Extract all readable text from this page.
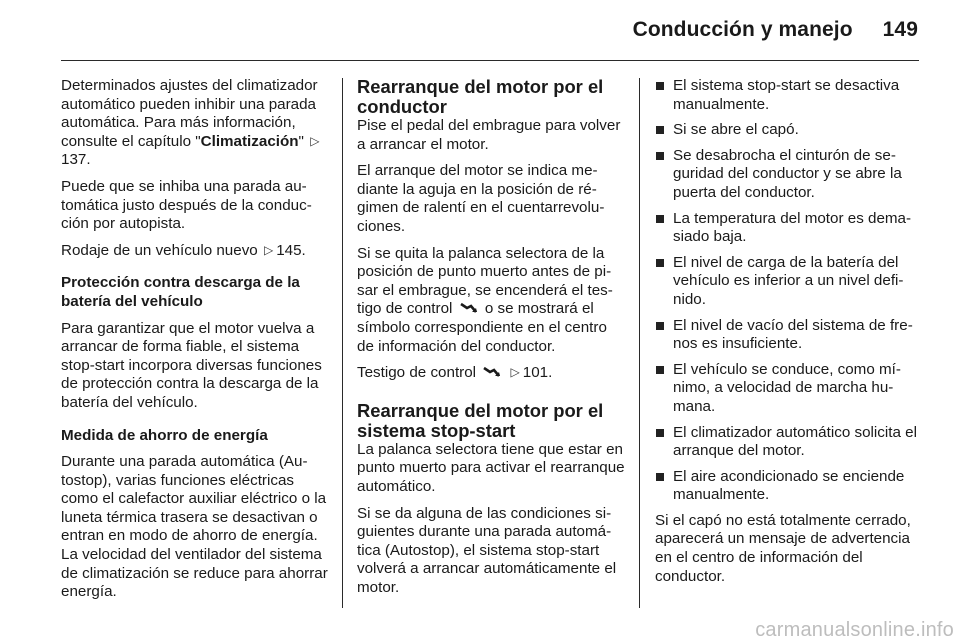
Conducción y manejo 149

Determinados ajustes del climatizador automático pueden inhibir una parada automática. Para más información, consulte el capítulo "Climatización" ▷137.

Puede que se inhiba una parada automática justo después de la conducción por autopista.

Rodaje de un vehículo nuevo ▷ 145.

Protección contra descarga de la batería del vehículo

Para garantizar que el motor vuelva a arrancar de forma fiable, el sistema stop-start incorpora diversas funciones de protección contra la descarga de la batería del vehículo.

Medida de ahorro de energía

Durante una parada automática (Autostop), varias funciones eléctricas como el calefactor auxiliar eléctrico o la luneta térmica trasera se desactivan o entran en modo de ahorro de energía. La velocidad del ventilador del sistema de climatización se reduce para ahorrar energía.

Rearranque del motor por el conductor

Pise el pedal del embrague para volver a arrancar el motor.

El arranque del motor se indica mediante la aguja en la posición de régimen de ralentí en el cuentarrevoluciones.

Si se quita la palanca selectora de la posición de punto muerto antes de pisar el embrague, se encenderá el testigo de control o se mostrará el símbolo correspondiente en el centro de información del conductor.

Testigo de control	▷ 101.

Rearranque del motor por el sistema stop-start

La palanca selectora tiene que estar en punto muerto para activar el rearranque automático.

Si se da alguna de las condiciones siguientes durante una parada automática (Autostop), el sistema stop-start volverá a arrancar automáticamente el motor.

El sistema stop-start se desactiva manualmente.
Si se abre el capó.
Se desabrocha el cinturón de seguridad del conductor y se abre la puerta del conductor.
La temperatura del motor es demasiado baja.
El nivel de carga de la batería del vehículo es inferior a un nivel definido.
El nivel de vacío del sistema de frenos es insuficiente.
El vehículo se conduce, como mínimo, a velocidad de marcha humana.
El climatizador automático solicita el arranque del motor.
El aire acondicionado se enciende manualmente.

Si el capó no está totalmente cerrado, aparecerá un mensaje de advertencia en el centro de información del conductor.

carmanualsonline.info
